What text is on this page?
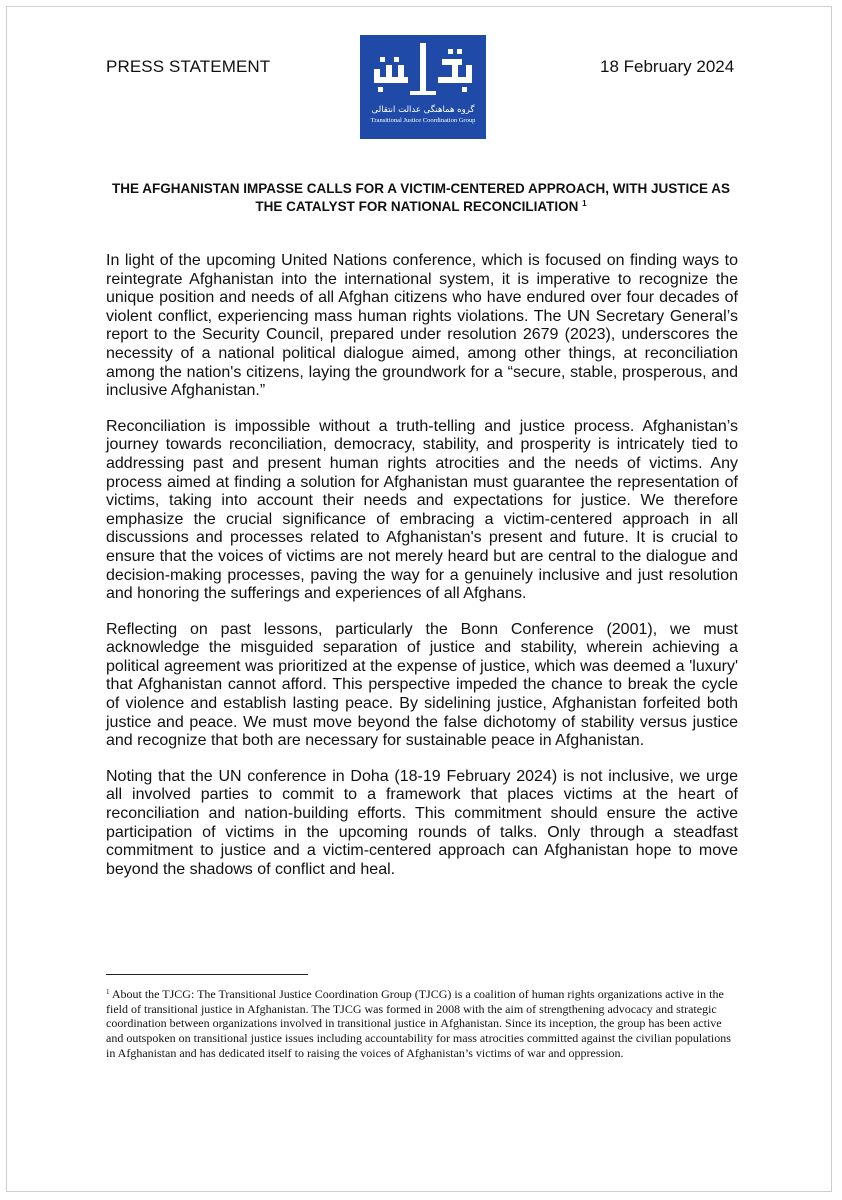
PRESS STATEMENT	18 February 2024
گروه هماهنگی عدالت انتقالی
Transitional Justice Coordination Group
THE AFGHANISTAN IMPASSE CALLS FOR A VICTIM-CENTERED APPROACH, WITH JUSTICE AS THE CATALYST FOR NATIONAL RECONCILIATION $^1$

In light of the upcoming United Nations conference, which is focused on finding ways to reintegrate Afghanistan into the international system, it is imperative to recognize the unique position and needs of all Afghan citizens who have endured over four decades of violent conflict, experiencing mass human rights violations. The UN Secretary General’s report to the Security Council, prepared under resolution 2679 (2023), underscores the necessity of a national political dialogue aimed, among other things, at reconciliation among the nation's citizens, laying the groundwork for a “secure, stable, prosperous, and inclusive Afghanistan.”

Reconciliation is impossible without a truth-telling and justice process. Afghanistan’s journey towards reconciliation, democracy, stability, and prosperity is intricately tied to addressing past and present human rights atrocities and the needs of victims. Any process aimed at finding a solution for Afghanistan must guarantee the representation of victims, taking into account their needs and expectations for justice. We therefore emphasize the crucial significance of embracing a victim-centered approach in all discussions and processes related to Afghanistan's present and future. It is crucial to ensure that the voices of victims are not merely heard but are central to the dialogue and decision-making processes, paving the way for a genuinely inclusive and just resolution and honoring the sufferings and experiences of all Afghans.

Reflecting on past lessons, particularly the Bonn Conference (2001), we must acknowledge the misguided separation of justice and stability, wherein achieving a political agreement was prioritized at the expense of justice, which was deemed a 'luxury' that Afghanistan cannot afford. This perspective impeded the chance to break the cycle of violence and establish lasting peace. By sidelining justice, Afghanistan forfeited both justice and peace. We must move beyond the false dichotomy of stability versus justice and recognize that both are necessary for sustainable peace in Afghanistan.

Noting that the UN conference in Doha (18-19 February 2024) is not inclusive, we urge all involved parties to commit to a framework that places victims at the heart of reconciliation and nation-building efforts. This commitment should ensure the active participation of victims in the upcoming rounds of talks. Only through a steadfast commitment to justice and a victim-centered approach can Afghanistan hope to move beyond the shadows of conflict and heal.

$^1$ About the TJCG: The Transitional Justice Coordination Group (TJCG) is a coalition of human rights organizations active in the field of transitional justice in Afghanistan. The TJCG was formed in 2008 with the aim of strengthening advocacy and strategic coordination between organizations involved in transitional justice in Afghanistan. Since its inception, the group has been active and outspoken on transitional justice issues including accountability for mass atrocities committed against the civilian populations in Afghanistan and has dedicated itself to raising the voices of Afghanistan’s victims of war and oppression.
